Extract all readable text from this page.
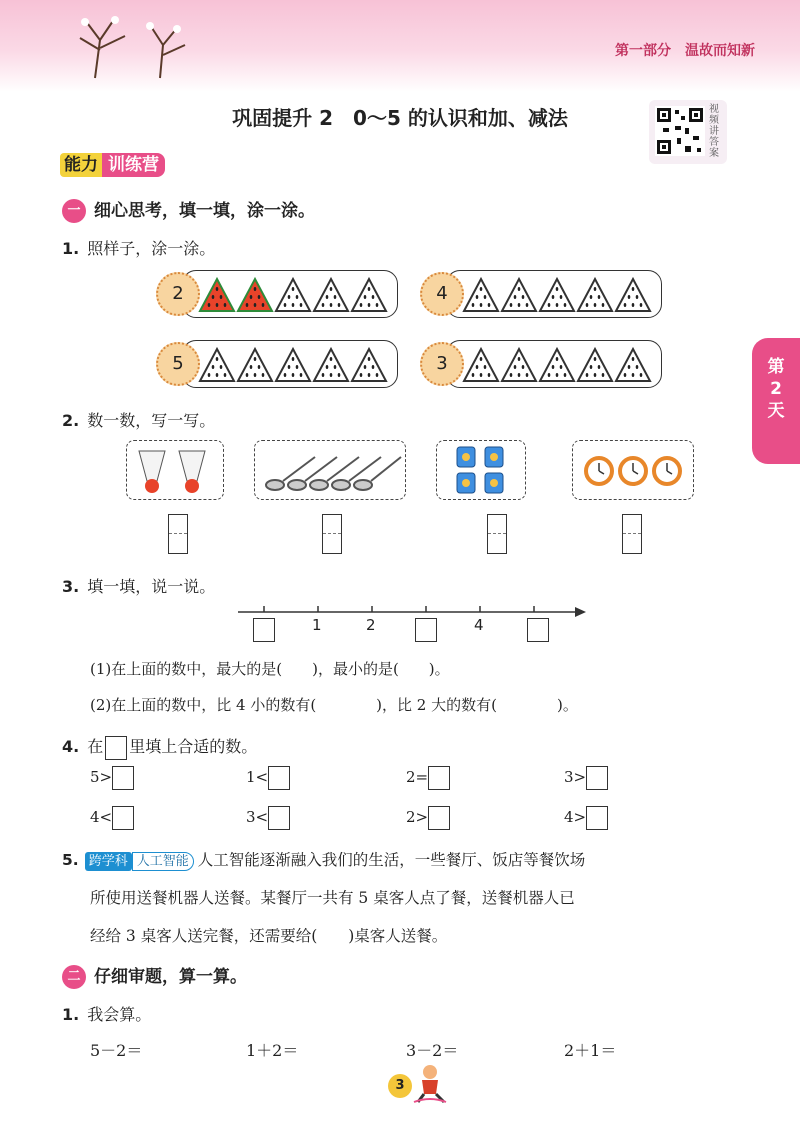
第一部分　温故而知新
巩固提升 2　0～5 的认识和加、减法	视频讲答案
能力 训练营
一 细心思考，填一填，涂一涂。
1. 照样子，涂一涂。
2	4
5	3
2. 数一数，写一写。
3. 填一填，说一说。
1	2	4
(1)在上面的数中，最大的是(　　)，最小的是(　　)。
(2)在上面的数中，比 4 小的数有(　　　　)，比 2 大的数有(　　　　)。
4. 在 里填上合适的数。
5>	1<	2=	3>
4<	3<	2>	4>
5. 跨学科 人工智能 人工智能逐渐融入我们的生活，一些餐厅、饭店等餐饮场
所使用送餐机器人送餐。某餐厅一共有 5 桌客人点了餐，送餐机器人已
经给 3 桌客人送完餐，还需要给(　　)桌客人送餐。
二 仔细审题，算一算。
1. 我会算。
5－2＝	1＋2＝	3－2＝	2＋1＝
第
2
天
3
